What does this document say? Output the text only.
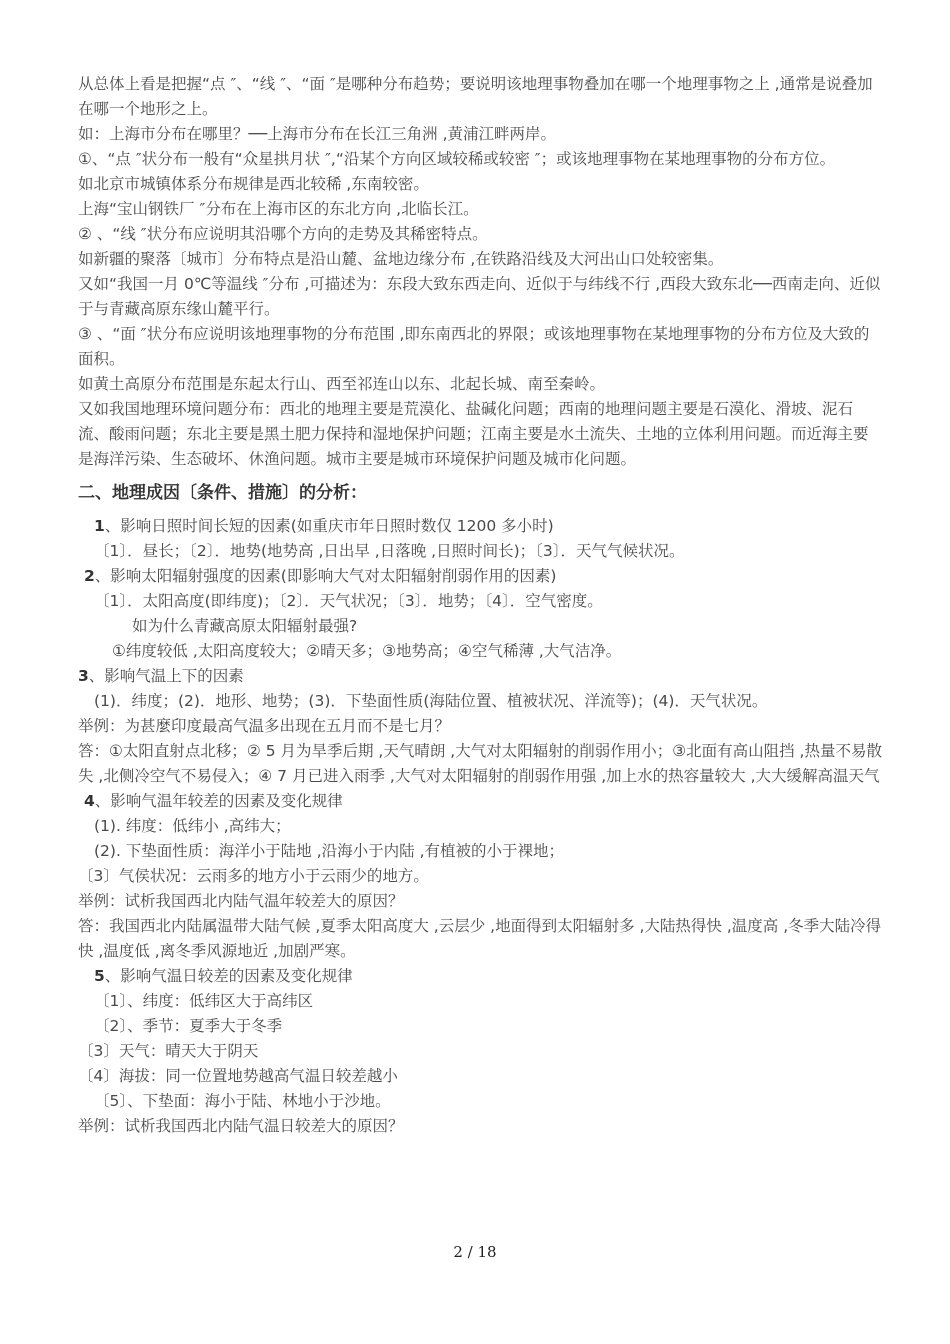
从总体上看是把握“点 ″、“线 ″、“面 ″是哪种分布趋势；要说明该地理事物叠加在哪一个地理事物之上 ,通常是说叠加在哪一个地形之上。

如：上海市分布在哪里？──上海市分布在长江三角洲 ,黄浦江畔两岸。

①、“点 ″状分布一般有“众星拱月状 ″,“沿某个方向区域较稀或较密 ″；或该地理事物在某地理事物的分布方位。

如北京市城镇体系分布规律是西北较稀 ,东南较密。

上海“宝山钢铁厂 ″分布在上海市区的东北方向 ,北临长江。

② 、“线 ″状分布应说明其沿哪个方向的走势及其稀密特点。

如新疆的聚落〔城市〕分布特点是沿山麓、盆地边缘分布 ,在铁路沿线及大河出山口处较密集。

又如“我国一月 0℃等温线 ″分布 ,可描述为：东段大致东西走向、近似于与纬线不行 ,西段大致东北──西南走向、近似于与青藏高原东缘山麓平行。

③ 、“面 ″状分布应说明该地理事物的分布范围 ,即东南西北的界限；或该地理事物在某地理事物的分布方位及大致的面积。

如黄土高原分布范围是东起太行山、西至祁连山以东、北起长城、南至秦岭。

又如我国地理环境问题分布：西北的地理主要是荒漠化、盐碱化问题；西南的地理问题主要是石漠化、滑坡、泥石流、酸雨问题；东北主要是黑土肥力保持和湿地保护问题；江南主要是水土流失、土地的立体利用问题。而近海主要是海洋污染、生态破坏、休渔问题。城市主要是城市环境保护问题及城市化问题。

二、地理成因〔条件、措施〕的分析：

1、影响日照时间长短的因素(如重庆市年日照时数仅 1200 多小时)

〔1〕．昼长；〔2〕．地势(地势高 ,日出早 ,日落晚 ,日照时间长)；〔3〕．天气气候状况。

2、影响太阳辐射强度的因素(即影响大气对太阳辐射削弱作用的因素)

〔1〕．太阳高度(即纬度)；〔2〕．天气状况；〔3〕．地势；〔4〕．空气密度。

如为什么青藏高原太阳辐射最强?

①纬度较低 ,太阳高度较大；②晴天多；③地势高；④空气稀薄 ,大气洁净。

3、影响气温上下的因素

(1)．纬度；(2)．地形、地势；(3)．下垫面性质(海陆位置、植被状况、洋流等)；(4)．天气状况。

举例：为甚麼印度最高气温多出现在五月而不是七月？

答：①太阳直射点北移；② 5 月为旱季后期 ,天气晴朗 ,大气对太阳辐射的削弱作用小；③北面有高山阻挡 ,热量不易散失 ,北侧冷空气不易侵入；④ 7 月已进入雨季 ,大气对太阳辐射的削弱作用强 ,加上水的热容量较大 ,大大缓解高温天气

4、影响气温年较差的因素及变化规律

(1). 纬度：低纬小 ,高纬大；

(2). 下垫面性质：海洋小于陆地 ,沿海小于内陆 ,有植被的小于裸地；

〔3〕气侯状况：云雨多的地方小于云雨少的地方。

举例：试析我国西北内陆气温年较差大的原因？

答：我国西北内陆属温带大陆气候 ,夏季太阳高度大 ,云层少 ,地面得到太阳辐射多 ,大陆热得快 ,温度高 ,冬季大陆冷得快 ,温度低 ,离冬季风源地近 ,加剧严寒。

5、影响气温日较差的因素及变化规律

〔1〕、纬度：低纬区大于高纬区

〔2〕、季节：夏季大于冬季

〔3〕天气：晴天大于阴天

〔4〕海拔：同一位置地势越高气温日较差越小

〔5〕、下垫面：海小于陆、林地小于沙地。

举例：试析我国西北内陆气温日较差大的原因？

2 / 18
